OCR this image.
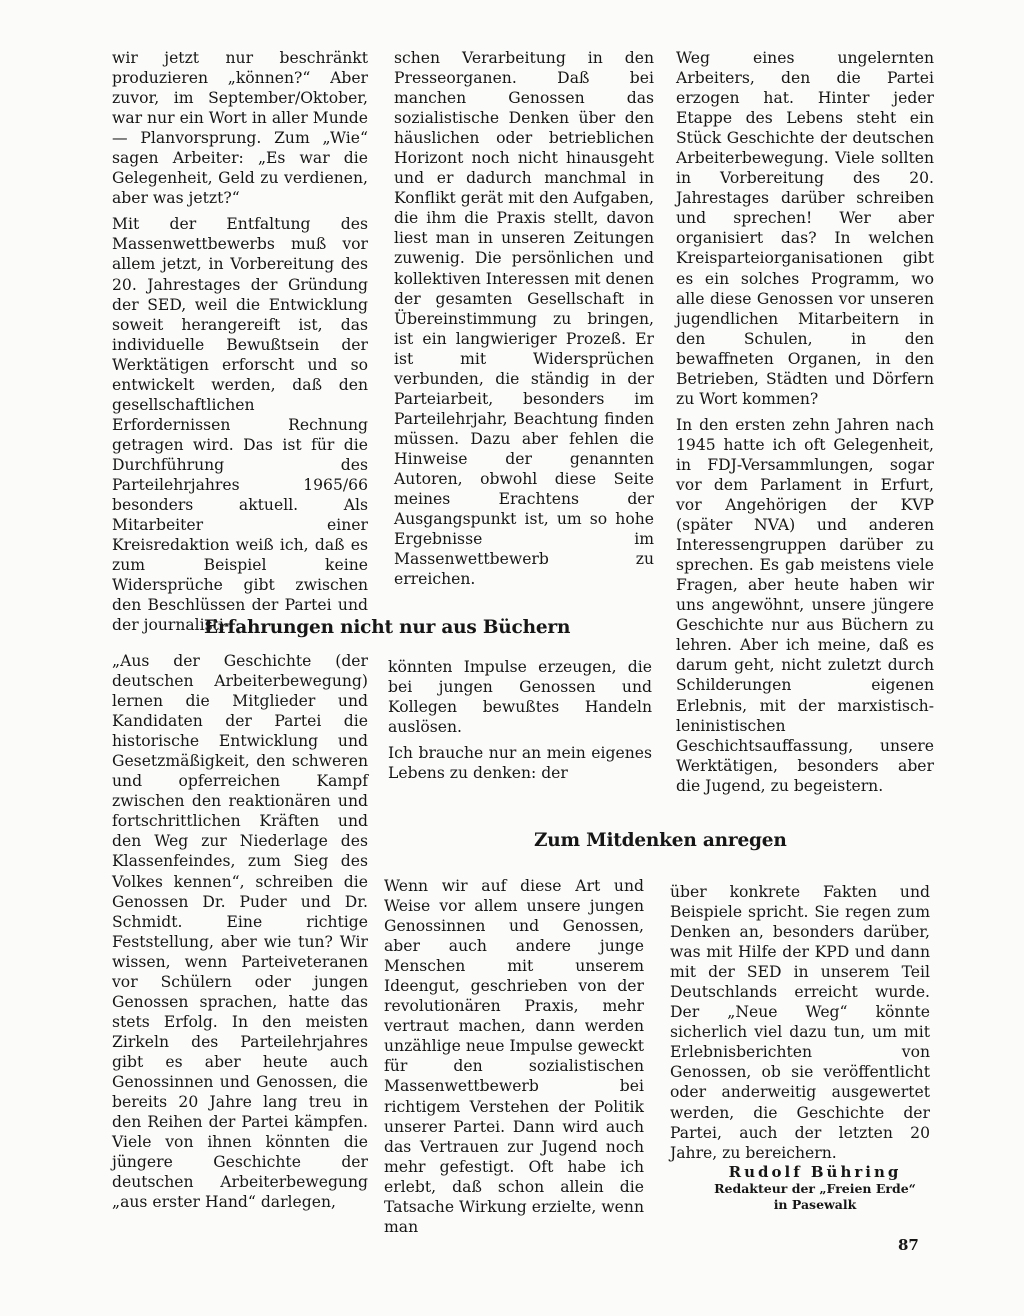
wir jetzt nur beschränkt produzieren „können?“ Aber zuvor, im September/Oktober, war nur ein Wort in aller Munde — Planvorsprung. Zum „Wie“ sagen Arbeiter: „Es war die Gelegenheit, Geld zu verdienen, aber was jetzt?“

Mit der Entfaltung des Massenwettbewerbs muß vor allem jetzt, in Vorbereitung des 20. Jahrestages der Gründung der SED, weil die Entwicklung soweit herangereift ist, das individuelle Bewußtsein der Werktätigen erforscht und so entwickelt werden, daß den gesellschaftlichen Erfordernissen Rechnung getragen wird. Das ist für die Durchführung des Parteilehrjahres 1965/66 besonders aktuell. Als Mitarbeiter einer Kreisredaktion weiß ich, daß es zum Beispiel keine Widersprüche gibt zwischen den Beschlüssen der Partei und der journalisti-

schen Verarbeitung in den Presseorganen. Daß bei manchen Genossen das sozialistische Denken über den häuslichen oder betrieblichen Horizont noch nicht hinausgeht und er dadurch manchmal in Konflikt gerät mit den Aufgaben, die ihm die Praxis stellt, davon liest man in unseren Zeitungen zuwenig. Die persönlichen und kollektiven Interessen mit denen der gesamten Gesellschaft in Übereinstimmung zu bringen, ist ein langwieriger Prozeß. Er ist mit Widersprüchen verbunden, die ständig in der Parteiarbeit, besonders im Parteilehrjahr, Beachtung finden müssen. Dazu aber fehlen die Hinweise der genannten Autoren, obwohl diese Seite meines Erachtens der Ausgangspunkt ist, um so hohe Ergebnisse im Massenwettbewerb zu erreichen.

Weg eines ungelernten Arbeiters, den die Partei erzogen hat. Hinter jeder Etappe des Lebens steht ein Stück Geschichte der deutschen Arbeiterbewegung. Viele sollten in Vorbereitung des 20. Jahrestages darüber schreiben und sprechen! Wer aber organisiert das? In welchen Kreisparteiorganisationen gibt es ein solches Programm, wo alle diese Genossen vor unseren jugendlichen Mitarbeitern in den Schulen, in den bewaffneten Organen, in den Betrieben, Städten und Dörfern zu Wort kommen?

In den ersten zehn Jahren nach 1945 hatte ich oft Gelegenheit, in FDJ-Versammlungen, sogar vor dem Parlament in Erfurt, vor Angehörigen der KVP (später NVA) und anderen Interessengruppen darüber zu sprechen. Es gab meistens viele Fragen, aber heute haben wir uns angewöhnt, unsere jüngere Geschichte nur aus Büchern zu lehren. Aber ich meine, daß es darum geht, nicht zuletzt durch Schilderungen eigenen Erlebnis, mit der marxistisch-leninistischen Geschichtsauffassung, unsere Werktätigen, besonders aber die Jugend, zu begeistern.

Erfahrungen nicht nur aus Büchern

„Aus der Geschichte (der deutschen Arbeiterbewegung) lernen die Mitglieder und Kandidaten der Partei die historische Entwicklung und Gesetzmäßigkeit, den schweren und opferreichen Kampf zwischen den reaktionären und fortschrittlichen Kräften und den Weg zur Niederlage des Klassenfeindes, zum Sieg des Volkes kennen“, schreiben die Genossen Dr. Puder und Dr. Schmidt. Eine richtige Feststellung, aber wie tun? Wir wissen, wenn Parteiveteranen vor Schülern oder jungen Genossen sprachen, hatte das stets Erfolg. In den meisten Zirkeln des Parteilehrjahres gibt es aber heute auch Genossinnen und Genossen, die bereits 20 Jahre lang treu in den Reihen der Partei kämpfen. Viele von ihnen könnten die jüngere Geschichte der deutschen Arbeiterbewegung „aus erster Hand“ darlegen,

könnten Impulse erzeugen, die bei jungen Genossen und Kollegen bewußtes Handeln auslösen.

Ich brauche nur an mein eigenes Lebens zu denken: der

Zum Mitdenken anregen

Wenn wir auf diese Art und Weise vor allem unsere jungen Genossinnen und Genossen, aber auch andere junge Menschen mit unserem Ideengut, geschrieben von der revolutionären Praxis, mehr vertraut machen, dann werden unzählige neue Impulse geweckt für den sozialistischen Massenwettbewerb bei richtigem Verstehen der Politik unserer Partei. Dann wird auch das Vertrauen zur Jugend noch mehr gefestigt. Oft habe ich erlebt, daß schon allein die Tatsache Wirkung erzielte, wenn man

über konkrete Fakten und Beispiele spricht. Sie regen zum Denken an, besonders darüber, was mit Hilfe der KPD und dann mit der SED in unserem Teil Deutschlands erreicht wurde. Der „Neue Weg“ könnte sicherlich viel dazu tun, um mit Erlebnisberichten von Genossen, ob sie veröffentlicht oder anderweitig ausgewertet werden, die Geschichte der Partei, auch der letzten 20 Jahre, zu bereichern.

Rudolf Bühring
Redakteur der „Freien Erde“
in Pasewalk
87
